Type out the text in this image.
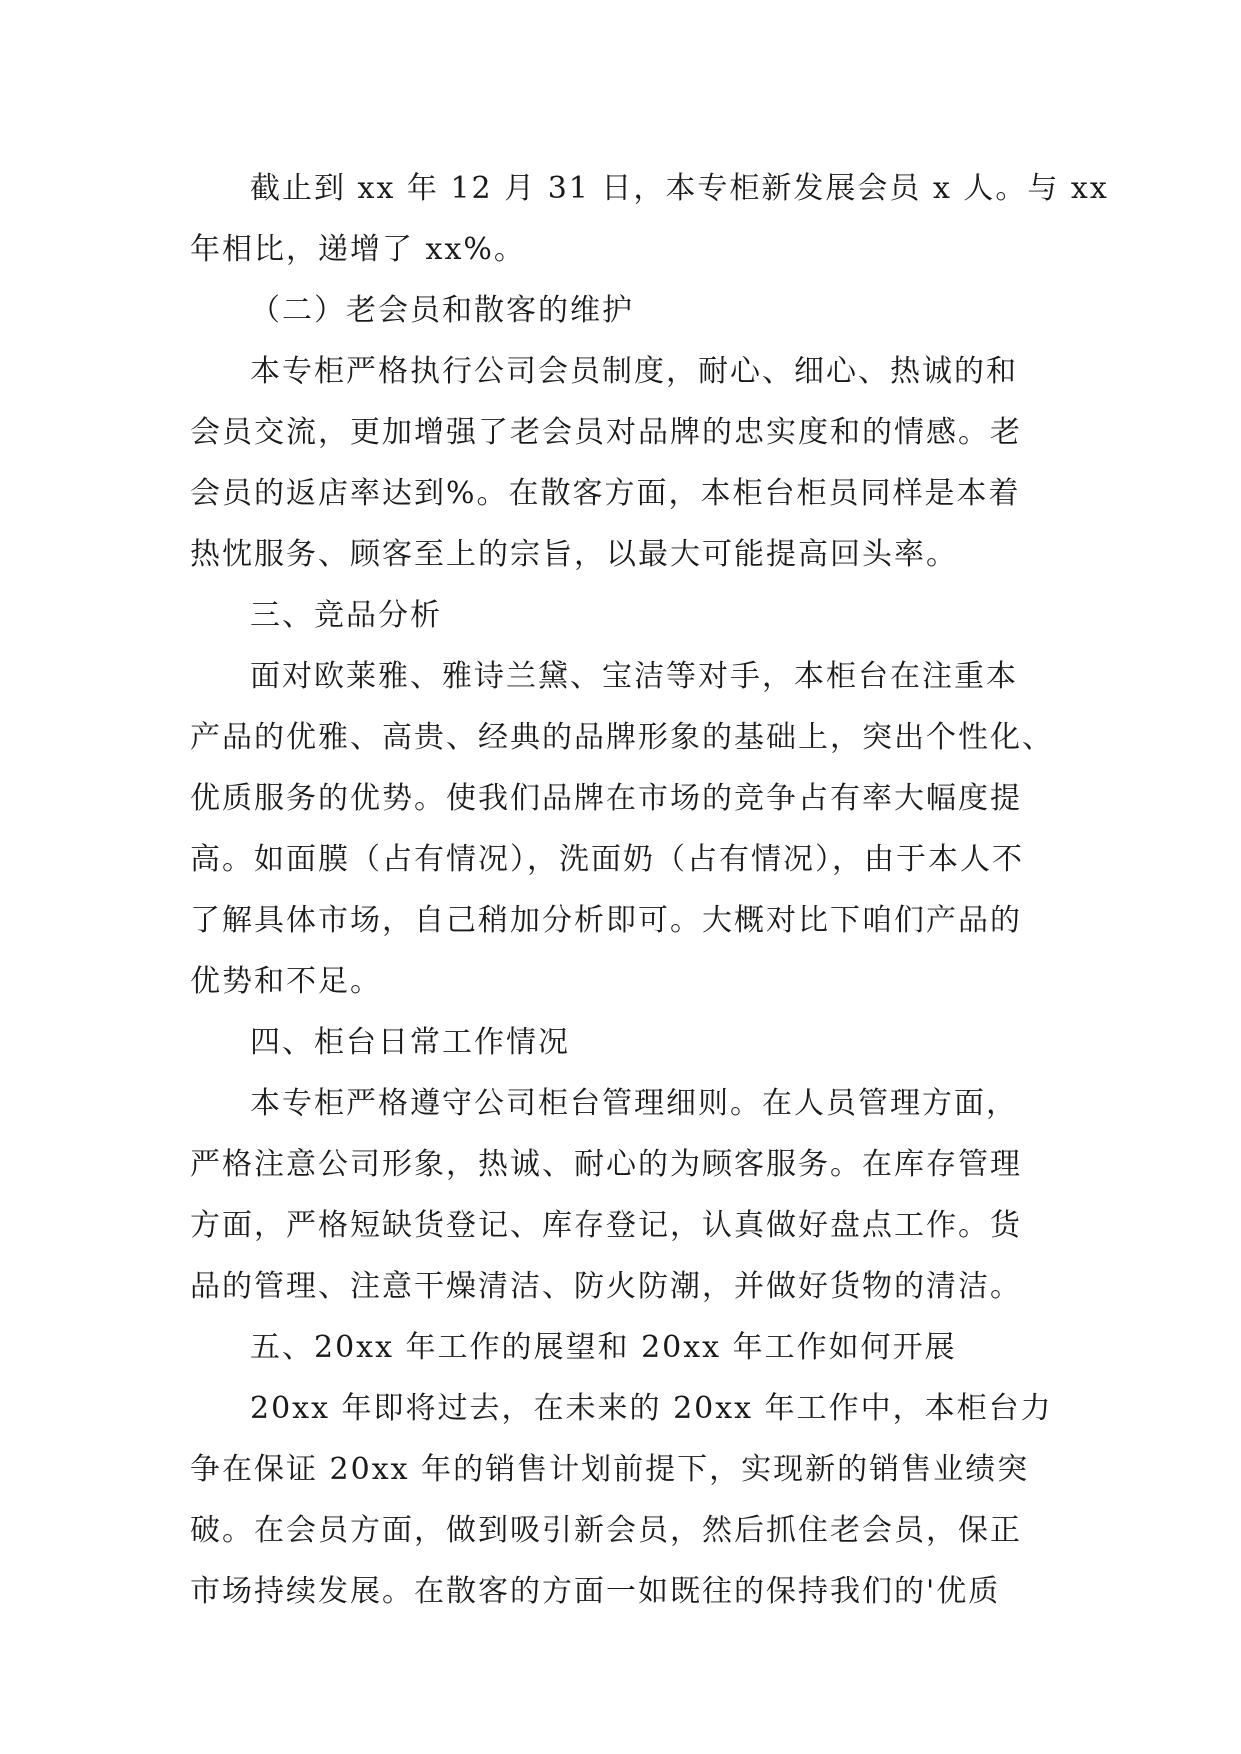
截止到 xx 年 12 月 31 日，本专柜新发展会员 x 人。与 xx

年相比，递增了 xx%。

（二）老会员和散客的维护

本专柜严格执行公司会员制度，耐心、细心、热诚的和

会员交流，更加增强了老会员对品牌的忠实度和的情感。老

会员的返店率达到%。在散客方面，本柜台柜员同样是本着

热忱服务、顾客至上的宗旨，以最大可能提高回头率。

三、竞品分析

面对欧莱雅、雅诗兰黛、宝洁等对手，本柜台在注重本

产品的优雅、高贵、经典的品牌形象的基础上，突出个性化、

优质服务的优势。使我们品牌在市场的竞争占有率大幅度提

高。如面膜（占有情况），洗面奶（占有情况），由于本人不

了解具体市场，自己稍加分析即可。大概对比下咱们产品的

优势和不足。

四、柜台日常工作情况

本专柜严格遵守公司柜台管理细则。在人员管理方面，

严格注意公司形象，热诚、耐心的为顾客服务。在库存管理

方面，严格短缺货登记、库存登记，认真做好盘点工作。货

品的管理、注意干燥清洁、防火防潮，并做好货物的清洁。

五、20xx 年工作的展望和 20xx 年工作如何开展

20xx 年即将过去，在未来的 20xx 年工作中，本柜台力

争在保证 20xx 年的销售计划前提下，实现新的销售业绩突

破。在会员方面，做到吸引新会员，然后抓住老会员，保正

市场持续发展。在散客的方面一如既往的保持我们的'优质
